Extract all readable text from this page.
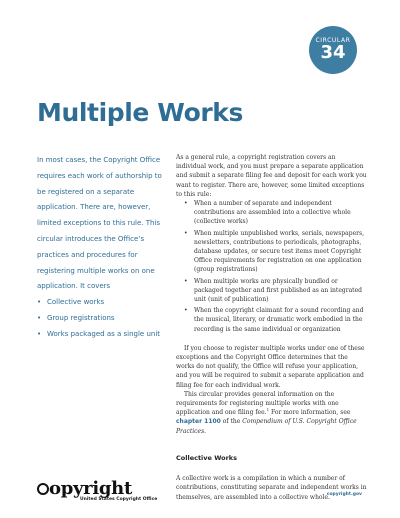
CIRCULAR
34
Multiple Works

In most cases, the Copyright Office requires each work of authorship to be registered on a separate application. There are, however, limited exceptions to this rule. This circular introduces the Office’s practices and procedures for registering multiple works on one application. It covers

• Collective works
• Group registrations
• Works packaged as a single unit

As a general rule, a copyright registration covers an individual work, and you must prepare a separate application and submit a separate filing fee and deposit for each work you want to register. There are, however, some limited exceptions to this rule:

• When a number of separate and independent contributions are assembled into a collective whole (collective works)
• When multiple unpublished works, serials, newspapers, newsletters, contributions to periodicals, photographs, database updates, or secure test items meet Copyright Office requirements for registration on one application (group registrations)
• When multiple works are physically bundled or packaged together and first published as an integrated unit (unit of publication)
• When the copyright claimant for a sound recording and the musical, literary, or dramatic work embodied in the recording is the same individual or organization

If you choose to register multiple works under one of these exceptions and the Copyright Office determines that the works do not qualify, the Office will refuse your application, and you will be required to submit a separate application and filing fee for each individual work.

This circular provides general information on the requirements for registering multiple works with one application and one filing fee.$^1$ For more information, see chapter 1100 of the Compendium of U.S. Copyright Office Practices.

Collective Works

A collective work is a compilation in which a number of contributions, constituting separate and independent works in themselves, are assembled into a collective whole.

opyright
United States Copyright Office
copyright.gov
